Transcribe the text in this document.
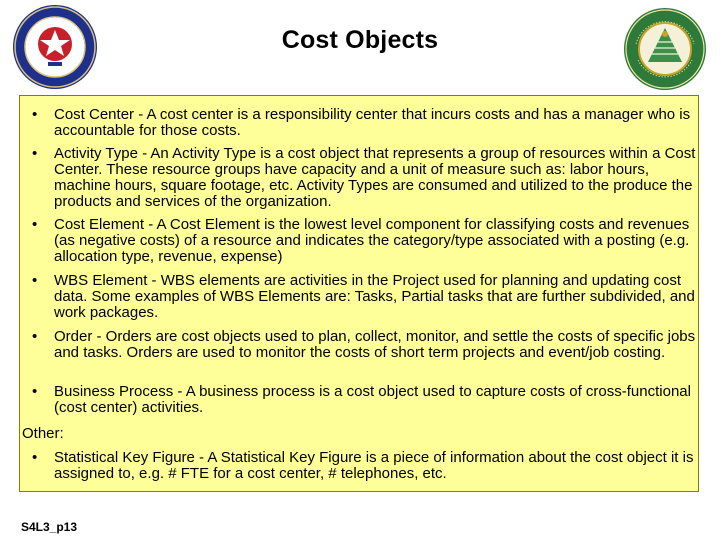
Cost Objects
• Cost Center - A cost center is a responsibility center that incurs costs and has a manager who is accountable for those costs.
• Activity Type - An Activity Type is a cost object that represents a group of resources within a Cost Center. These resource groups have capacity and a unit of measure such as: labor hours, machine hours, square footage, etc. Activity Types are consumed and utilized to the produce the products and services of the organization.
• Cost Element - A Cost Element is the lowest level component for classifying costs and revenues (as negative costs) of a resource and indicates the category/type associated with a posting (e.g. allocation type, revenue, expense)
• WBS Element - WBS elements are activities in the Project used for planning and updating cost data. Some examples of WBS Elements are: Tasks, Partial tasks that are further subdivided, and work packages.
• Order - Orders are cost objects used to plan, collect, monitor, and settle the costs of specific jobs and tasks. Orders are used to monitor the costs of short term projects and event/job costing.
• Business Process - A business process is a cost object used to capture costs of cross-functional (cost center) activities.
Other:
• Statistical Key Figure - A Statistical Key Figure is a piece of information about the cost object it is assigned to, e.g. # FTE for a cost center, # telephones, etc.
S4L3_p13
